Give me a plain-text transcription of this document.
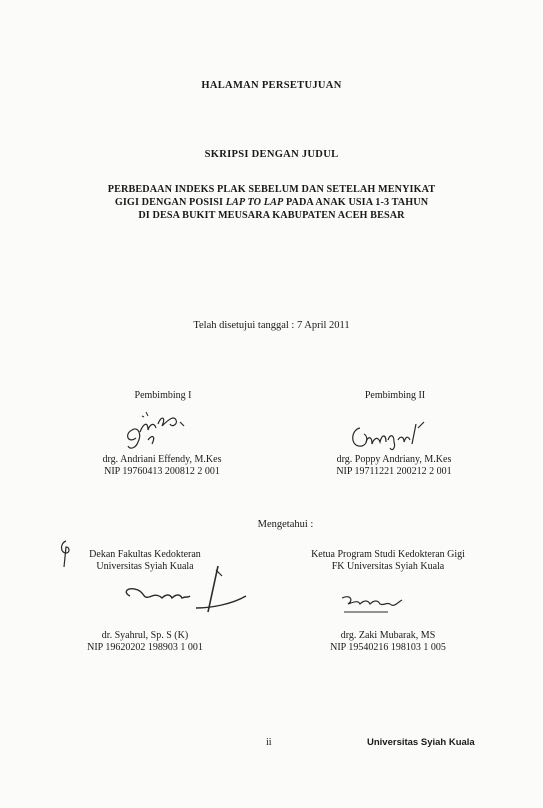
HALAMAN PERSETUJUAN
SKRIPSI DENGAN JUDUL
PERBEDAAN INDEKS PLAK SEBELUM DAN SETELAH MENYIKAT
GIGI DENGAN POSISI LAP TO LAP PADA ANAK USIA 1-3 TAHUN
DI DESA BUKIT MEUSARA KABUPATEN ACEH BESAR
Telah disetujui tanggal : 7 April 2011
Pembimbing I
drg. Andriani Effendy, M.Kes
NIP 19760413 200812 2 001
Pembimbing II
drg. Poppy Andriany, M.Kes
NIP 19711221 200212 2 001
Mengetahui :
Dekan Fakultas Kedokteran
Universitas Syiah Kuala
dr. Syahrul, Sp. S (K)
NIP 19620202 198903 1 001
Ketua Program Studi Kedokteran Gigi
FK Universitas Syiah Kuala
drg. Zaki Mubarak, MS
NIP 19540216 198103 1 005
ii	Universitas Syiah Kuala
